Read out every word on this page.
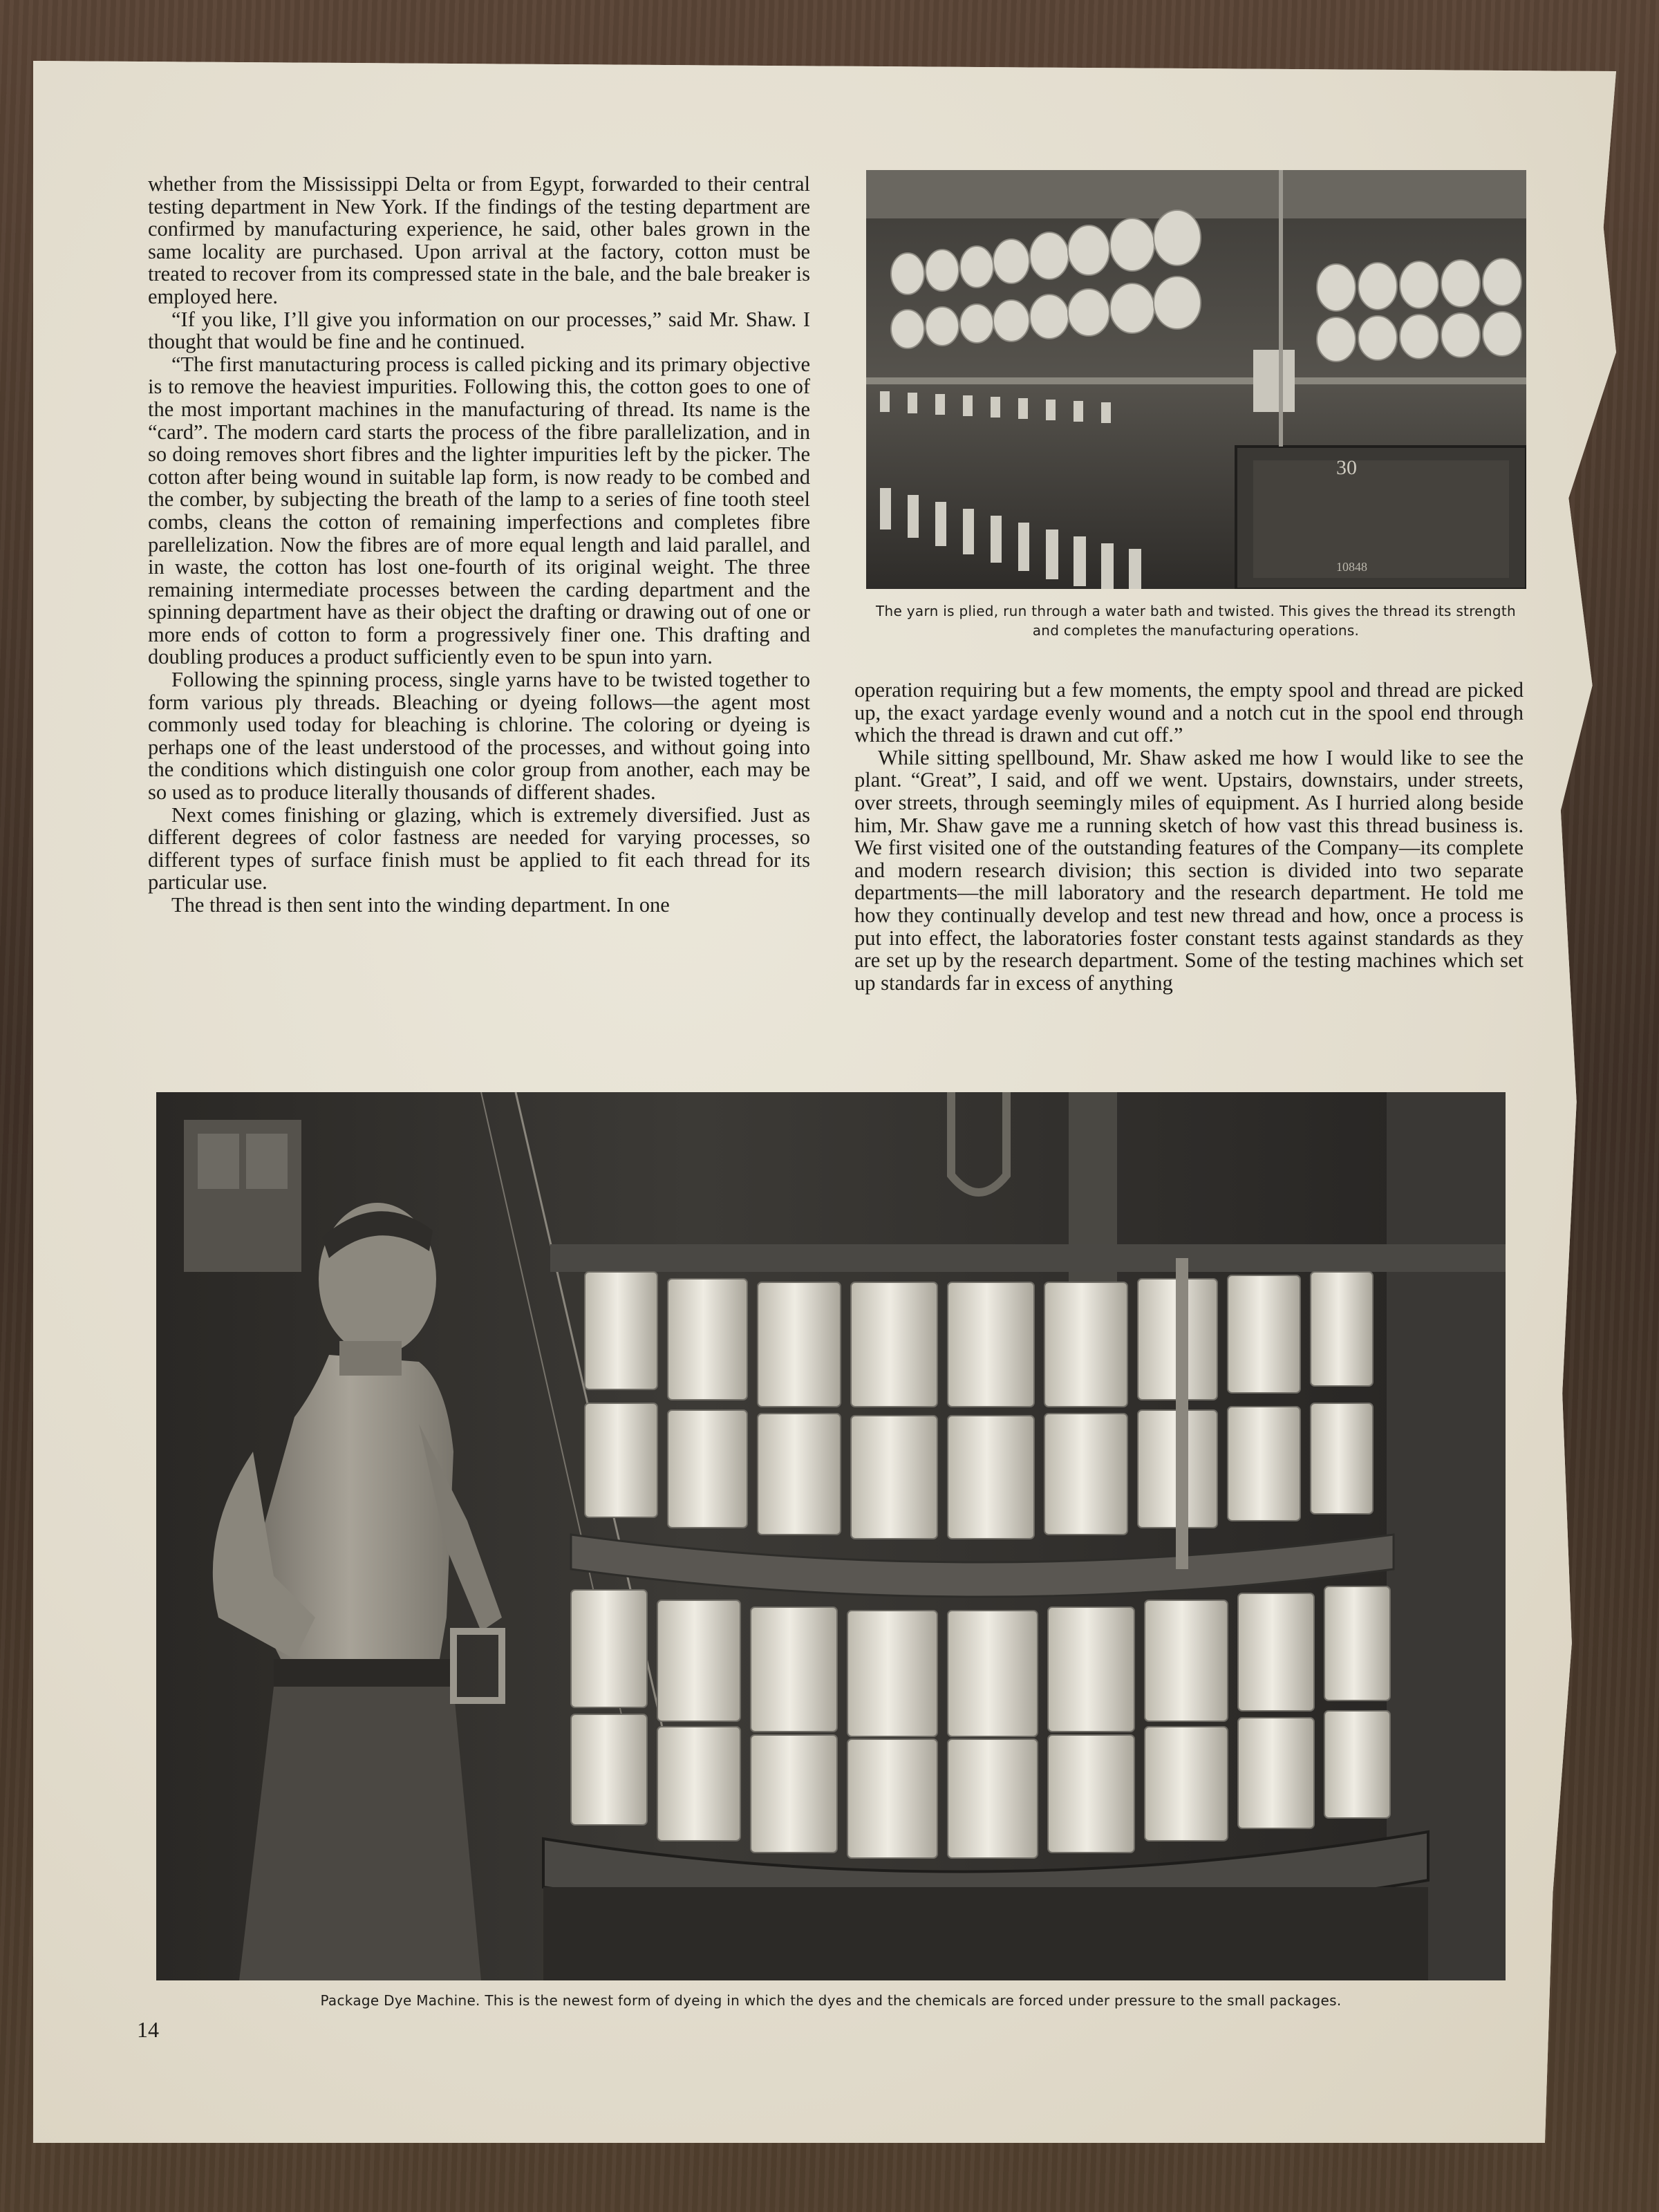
whether from the Mississippi Delta or from Egypt, forwarded to their central testing department in New York. If the findings of the testing department are confirmed by manufacturing experience, he said, other bales grown in the same locality are purchased. Upon arrival at the factory, cotton must be treated to recover from its compressed state in the bale, and the bale breaker is employed here.

“If you like, I’ll give you information on our processes,” said Mr. Shaw. I thought that would be fine and he continued.

“The first manutacturing process is called picking and its primary objective is to remove the heaviest impurities. Following this, the cotton goes to one of the most important machines in the manufacturing of thread. Its name is the “card”. The modern card starts the process of the fibre parallelization, and in so doing removes short fibres and the lighter impurities left by the picker. The cotton after being wound in suitable lap form, is now ready to be combed and the comber, by subjecting the breath of the lamp to a series of fine tooth steel combs, cleans the cotton of remaining imperfections and completes fibre parellelization. Now the fibres are of more equal length and laid parallel, and in waste, the cotton has lost one-fourth of its original weight. The three remaining intermediate processes between the carding department and the spinning department have as their object the drafting or drawing out of one or more ends of cotton to form a progressively finer one. This drafting and doubling produces a product sufficiently even to be spun into yarn.

Following the spinning process, single yarns have to be twisted together to form various ply threads. Bleaching or dyeing follows—the agent most commonly used today for bleaching is chlorine. The coloring or dyeing is perhaps one of the least understood of the processes, and without going into the conditions which distinguish one color group from another, each may be so used as to produce literally thousands of different shades.

Next comes finishing or glazing, which is extremely diversified. Just as different degrees of color fastness are needed for varying processes, so different types of surface finish must be applied to fit each thread for its particular use.

The thread is then sent into the winding department. In one

30
10848
The yarn is plied, run through a water bath and twisted. This gives the thread its strength and completes the manufacturing operations.

operation requiring but a few moments, the empty spool and thread are picked up, the exact yardage evenly wound and a notch cut in the spool end through which the thread is drawn and cut off.”

While sitting spellbound, Mr. Shaw asked me how I would like to see the plant. “Great”, I said, and off we went. Upstairs, downstairs, under streets, over streets, through seemingly miles of equipment. As I hurried along beside him, Mr. Shaw gave me a running sketch of how vast this thread business is. We first visited one of the outstanding features of the Company—its complete and modern research division; this section is divided into two separate departments—the mill laboratory and the research department. He told me how they continually develop and test new thread and how, once a process is put into effect, the laboratories foster constant tests against standards as they are set up by the research department. Some of the testing machines which set up standards far in excess of anything

Package Dye Machine. This is the newest form of dyeing in which the dyes and the chemicals are forced under pressure to the small packages.
14
